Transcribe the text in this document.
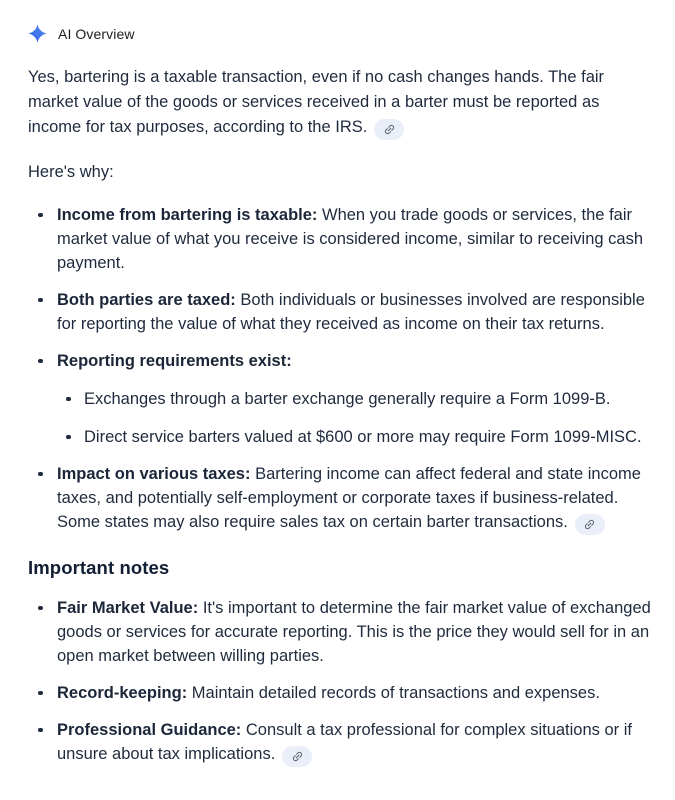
AI Overview

Yes, bartering is a taxable transaction, even if no cash changes hands. The fair market value of the goods or services received in a barter must be reported as income for tax purposes, according to the IRS.

Here's why:

Income from bartering is taxable: When you trade goods or services, the fair market value of what you receive is considered income, similar to receiving cash payment.
Both parties are taxed: Both individuals or businesses involved are responsible for reporting the value of what they received as income on their tax returns.
Reporting requirements exist:
Exchanges through a barter exchange generally require a Form 1099-B.
Direct service barters valued at $600 or more may require Form 1099-MISC.
Impact on various taxes: Bartering income can affect federal and state income taxes, and potentially self-employment or corporate taxes if business-related. Some states may also require sales tax on certain barter transactions.
Important notes
Fair Market Value: It's important to determine the fair market value of exchanged goods or services for accurate reporting. This is the price they would sell for in an open market between willing parties.
Record-keeping: Maintain detailed records of transactions and expenses.
Professional Guidance: Consult a tax professional for complex situations or if unsure about tax implications.
